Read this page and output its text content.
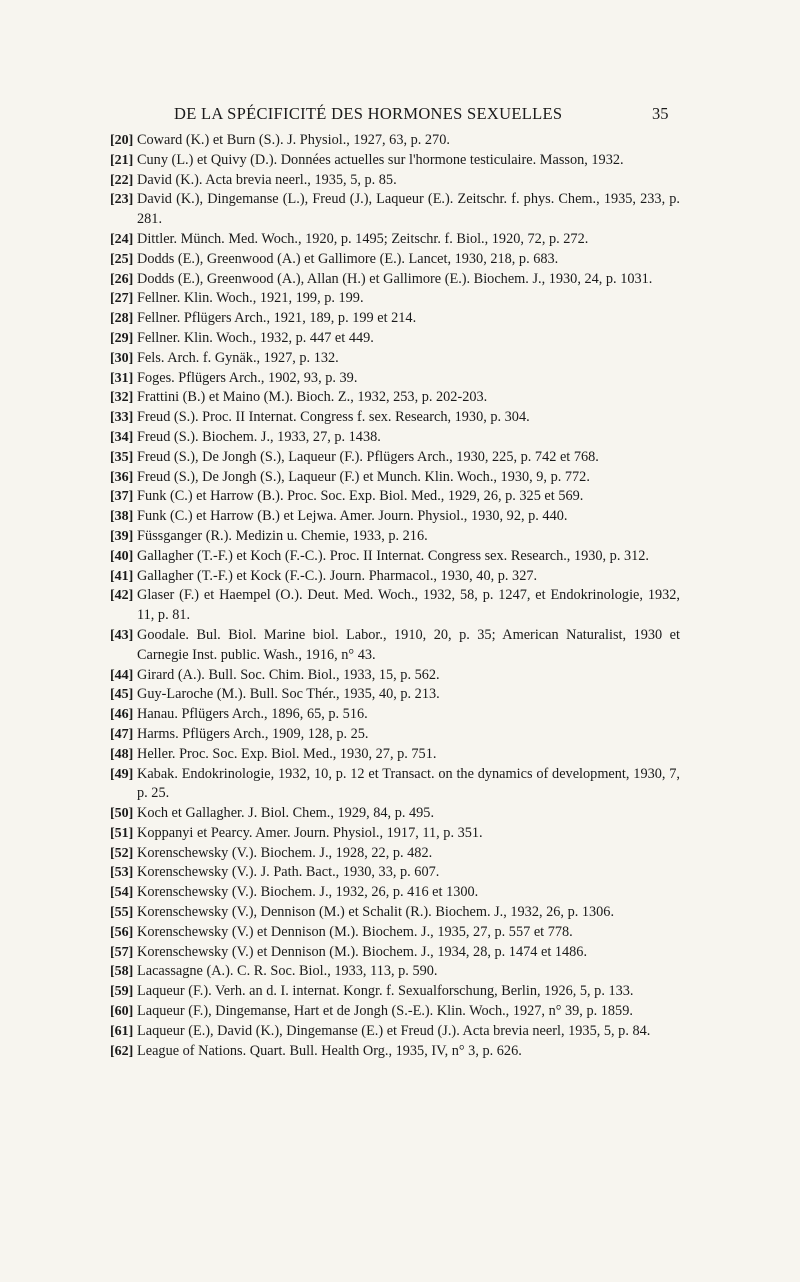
DE LA SPÉCIFICITÉ DES HORMONES SEXUELLES	35
[20] Coward (K.) et Burn (S.). J. Physiol., 1927, 63, p. 270.
[21] Cuny (L.) et Quivy (D.). Données actuelles sur l'hormone testiculaire. Masson, 1932.
[22] David (K.). Acta brevia neerl., 1935, 5, p. 85.
[23] David (K.), Dingemanse (L.), Freud (J.), Laqueur (E.). Zeitschr. f. phys. Chem., 1935, 233, p. 281.
[24] Dittler. Münch. Med. Woch., 1920, p. 1495; Zeitschr. f. Biol., 1920, 72, p. 272.
[25] Dodds (E.), Greenwood (A.) et Gallimore (E.). Lancet, 1930, 218, p. 683.
[26] Dodds (E.), Greenwood (A.), Allan (H.) et Gallimore (E.). Biochem. J., 1930, 24, p. 1031.
[27] Fellner. Klin. Woch., 1921, 199, p. 199.
[28] Fellner. Pflügers Arch., 1921, 189, p. 199 et 214.
[29] Fellner. Klin. Woch., 1932, p. 447 et 449.
[30] Fels. Arch. f. Gynäk., 1927, p. 132.
[31] Foges. Pflügers Arch., 1902, 93, p. 39.
[32] Frattini (B.) et Maino (M.). Bioch. Z., 1932, 253, p. 202-203.
[33] Freud (S.). Proc. II Internat. Congress f. sex. Research, 1930, p. 304.
[34] Freud (S.). Biochem. J., 1933, 27, p. 1438.
[35] Freud (S.), De Jongh (S.), Laqueur (F.). Pflügers Arch., 1930, 225, p. 742 et 768.
[36] Freud (S.), De Jongh (S.), Laqueur (F.) et Munch. Klin. Woch., 1930, 9, p. 772.
[37] Funk (C.) et Harrow (B.). Proc. Soc. Exp. Biol. Med., 1929, 26, p. 325 et 569.
[38] Funk (C.) et Harrow (B.) et Lejwa. Amer. Journ. Physiol., 1930, 92, p. 440.
[39] Füssganger (R.). Medizin u. Chemie, 1933, p. 216.
[40] Gallagher (T.-F.) et Koch (F.-C.). Proc. II Internat. Congress sex. Research., 1930, p. 312.
[41] Gallagher (T.-F.) et Kock (F.-C.). Journ. Pharmacol., 1930, 40, p. 327.
[42] Glaser (F.) et Haempel (O.). Deut. Med. Woch., 1932, 58, p. 1247, et Endokrinologie, 1932, 11, p. 81.
[43] Goodale. Bul. Biol. Marine biol. Labor., 1910, 20, p. 35; American Naturalist, 1930 et Carnegie Inst. public. Wash., 1916, n° 43.
[44] Girard (A.). Bull. Soc. Chim. Biol., 1933, 15, p. 562.
[45] Guy-Laroche (M.). Bull. Soc Thér., 1935, 40, p. 213.
[46] Hanau. Pflügers Arch., 1896, 65, p. 516.
[47] Harms. Pflügers Arch., 1909, 128, p. 25.
[48] Heller. Proc. Soc. Exp. Biol. Med., 1930, 27, p. 751.
[49] Kabak. Endokrinologie, 1932, 10, p. 12 et Transact. on the dynamics of development, 1930, 7, p. 25.
[50] Koch et Gallagher. J. Biol. Chem., 1929, 84, p. 495.
[51] Koppanyi et Pearcy. Amer. Journ. Physiol., 1917, 11, p. 351.
[52] Korenschewsky (V.). Biochem. J., 1928, 22, p. 482.
[53] Korenschewsky (V.). J. Path. Bact., 1930, 33, p. 607.
[54] Korenschewsky (V.). Biochem. J., 1932, 26, p. 416 et 1300.
[55] Korenschewsky (V.), Dennison (M.) et Schalit (R.). Biochem. J., 1932, 26, p. 1306.
[56] Korenschewsky (V.) et Dennison (M.). Biochem. J., 1935, 27, p. 557 et 778.
[57] Korenschewsky (V.) et Dennison (M.). Biochem. J., 1934, 28, p. 1474 et 1486.
[58] Lacassagne (A.). C. R. Soc. Biol., 1933, 113, p. 590.
[59] Laqueur (F.). Verh. an d. I. internat. Kongr. f. Sexualforschung, Berlin, 1926, 5, p. 133.
[60] Laqueur (F.), Dingemanse, Hart et de Jongh (S.-E.). Klin. Woch., 1927, n° 39, p. 1859.
[61] Laqueur (E.), David (K.), Dingemanse (E.) et Freud (J.). Acta brevia neerl, 1935, 5, p. 84.
[62] League of Nations. Quart. Bull. Health Org., 1935, IV, n° 3, p. 626.
